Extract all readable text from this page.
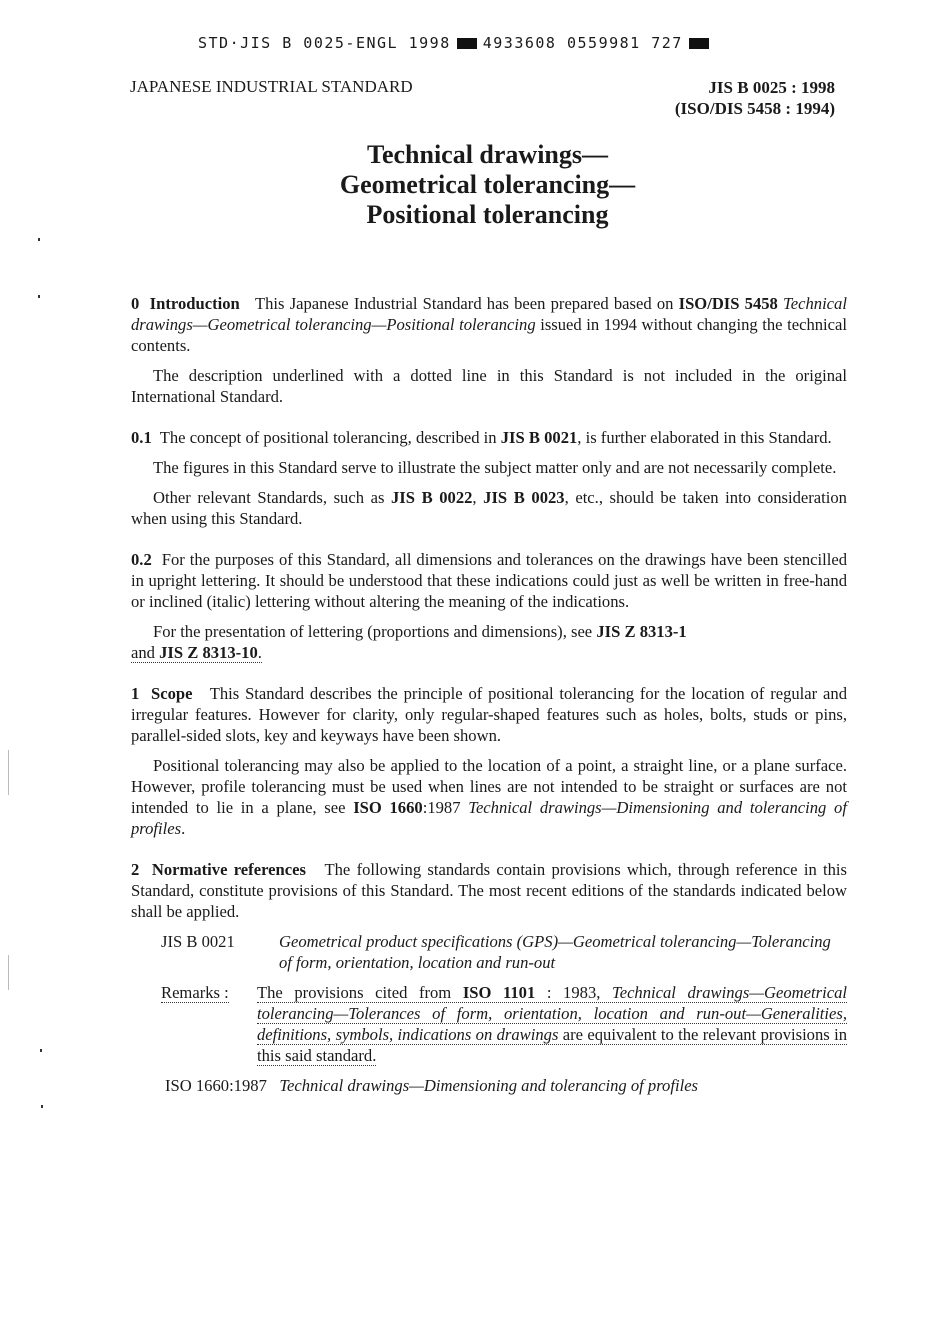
STD·JIS B 0025-ENGL 1998 4933608 0559981 727
JAPANESE INDUSTRIAL STANDARD	JIS B 0025 : 1998
(ISO/DIS 5458 : 1994)
Technical drawings—
Geometrical tolerancing—
Positional tolerancing

0 Introduction This Japanese Industrial Standard has been prepared based on ISO/DIS 5458 Technical drawings—Geometrical tolerancing—Positional tolerancing issued in 1994 without changing the technical contents.

The description underlined with a dotted line in this Standard is not included in the original International Standard.

0.1 The concept of positional tolerancing, described in JIS B 0021, is further elaborated in this Standard.

The figures in this Standard serve to illustrate the subject matter only and are not necessarily complete.

Other relevant Standards, such as JIS B 0022, JIS B 0023, etc., should be taken into consideration when using this Standard.

0.2 For the purposes of this Standard, all dimensions and tolerances on the drawings have been stencilled in upright lettering. It should be understood that these indications could just as well be written in free-hand or inclined (italic) lettering without altering the meaning of the indications.

For the presentation of lettering (proportions and dimensions), see JIS Z 8313-1
and JIS Z 8313-10.

1 Scope This Standard describes the principle of positional tolerancing for the location of regular and irregular features. However for clarity, only regular-shaped features such as holes, bolts, studs or pins, parallel-sided slots, key and keyways have been shown.

Positional tolerancing may also be applied to the location of a point, a straight line, or a plane surface. However, profile tolerancing must be used when lines are not intended to be straight or surfaces are not intended to lie in a plane, see ISO 1660:1987 Technical drawings—Dimensioning and tolerancing of profiles.

2 Normative references The following standards contain provisions which, through reference in this Standard, constitute provisions of this Standard. The most recent editions of the standards indicated below shall be applied.

JIS B 0021	Geometrical product specifications (GPS)—Geometrical tolerancing—Tolerancing of form, orientation, location and run-out
Remarks :	The provisions cited from ISO 1101 : 1983, Technical drawings—Geometrical tolerancing—Tolerances of form, orientation, location and run-out—Generalities, definitions, symbols, indications on drawings are equivalent to the relevant provisions in this said standard.
ISO 1660:1987 Technical drawings—Dimensioning and tolerancing of profiles
